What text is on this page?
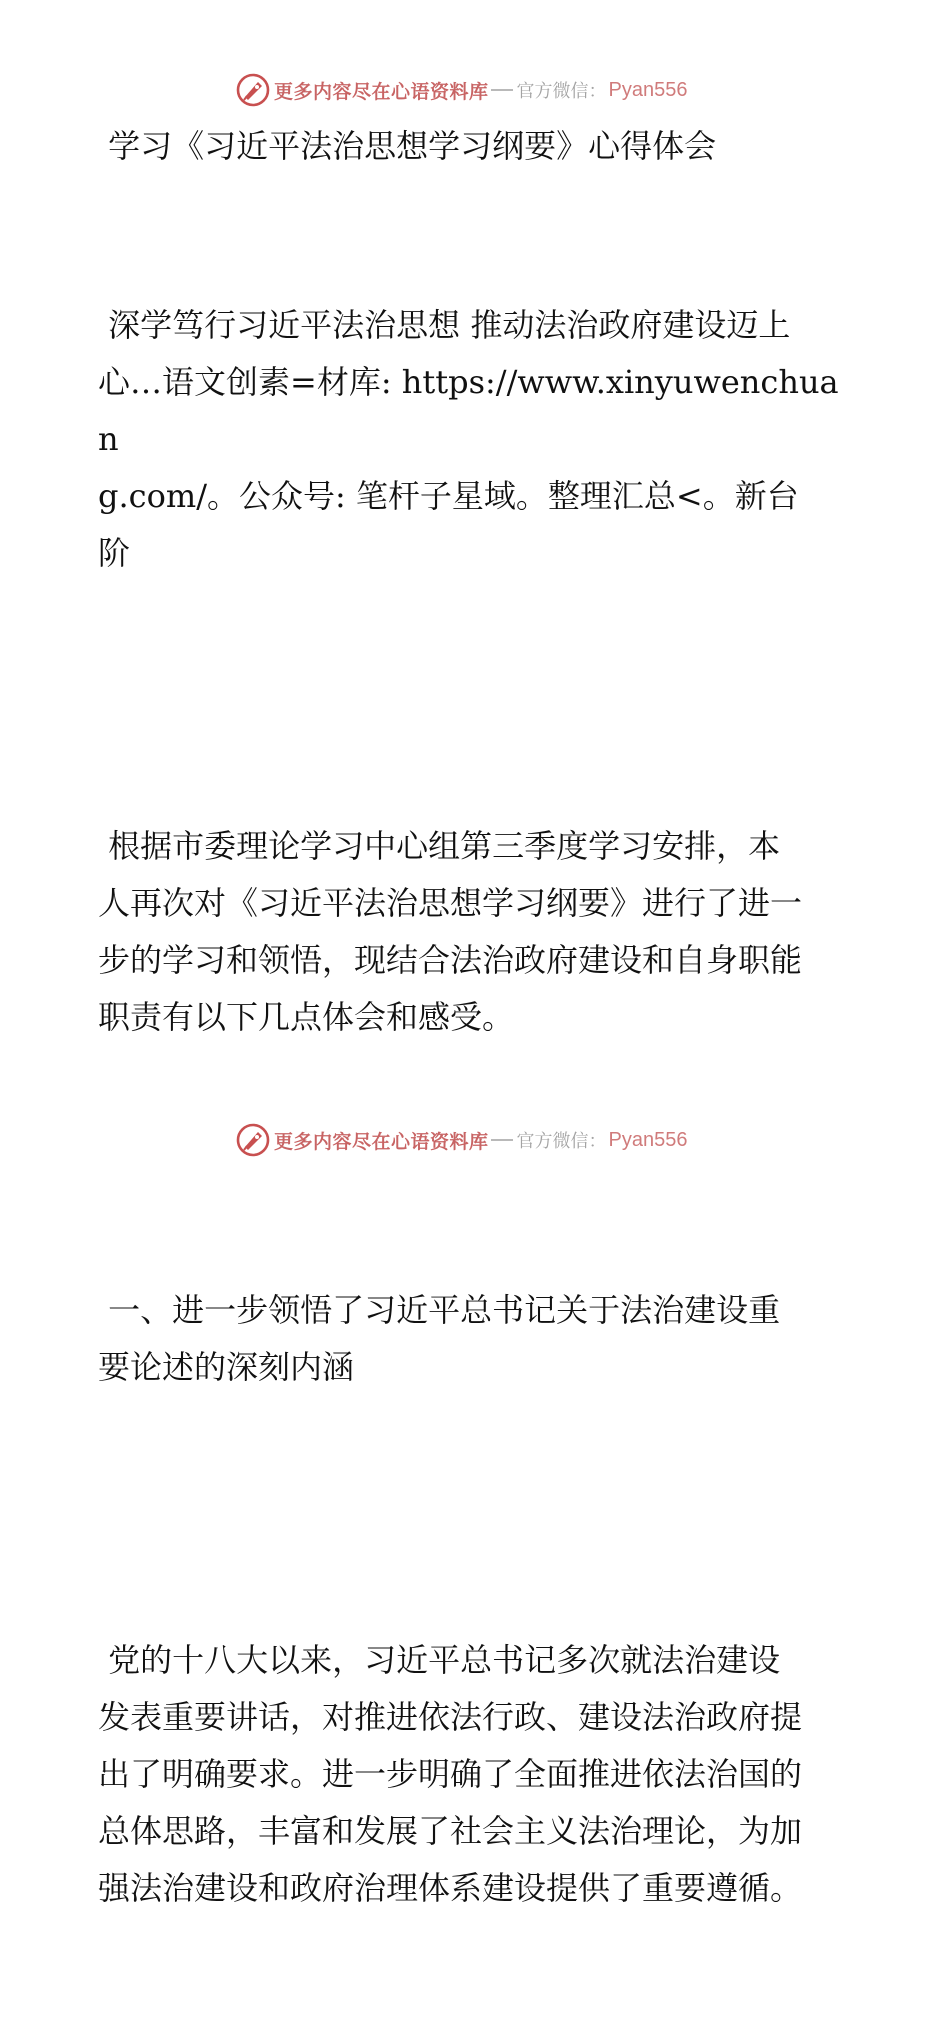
更多内容尽在心语资料库 官方微信： Pyan556

学习《习近平法治思想学习纲要》心得体会

深学笃行习近平法治思想 推动法治政府建设迈上
心…语文创素=材库: https://www.xinyuwenchuan
g.com/。公众号: 笔杆子星域。整理汇总<。新台
阶

根据市委理论学习中心组第三季度学习安排，本
人再次对《习近平法治思想学习纲要》进行了进一
步的学习和领悟，现结合法治政府建设和自身职能
职责有以下几点体会和感受。

一、进一步领悟了习近平总书记关于法治建设重
要论述的深刻内涵

党的十八大以来，习近平总书记多次就法治建设
发表重要讲话，对推进依法行政、建设法治政府提
出了明确要求。进一步明确了全面推进依法治国的
总体思路，丰富和发展了社会主义法治理论，为加
强法治建设和政府治理体系建设提供了重要遵循。

更多内容尽在心语资料库 官方微信： Pyan556
